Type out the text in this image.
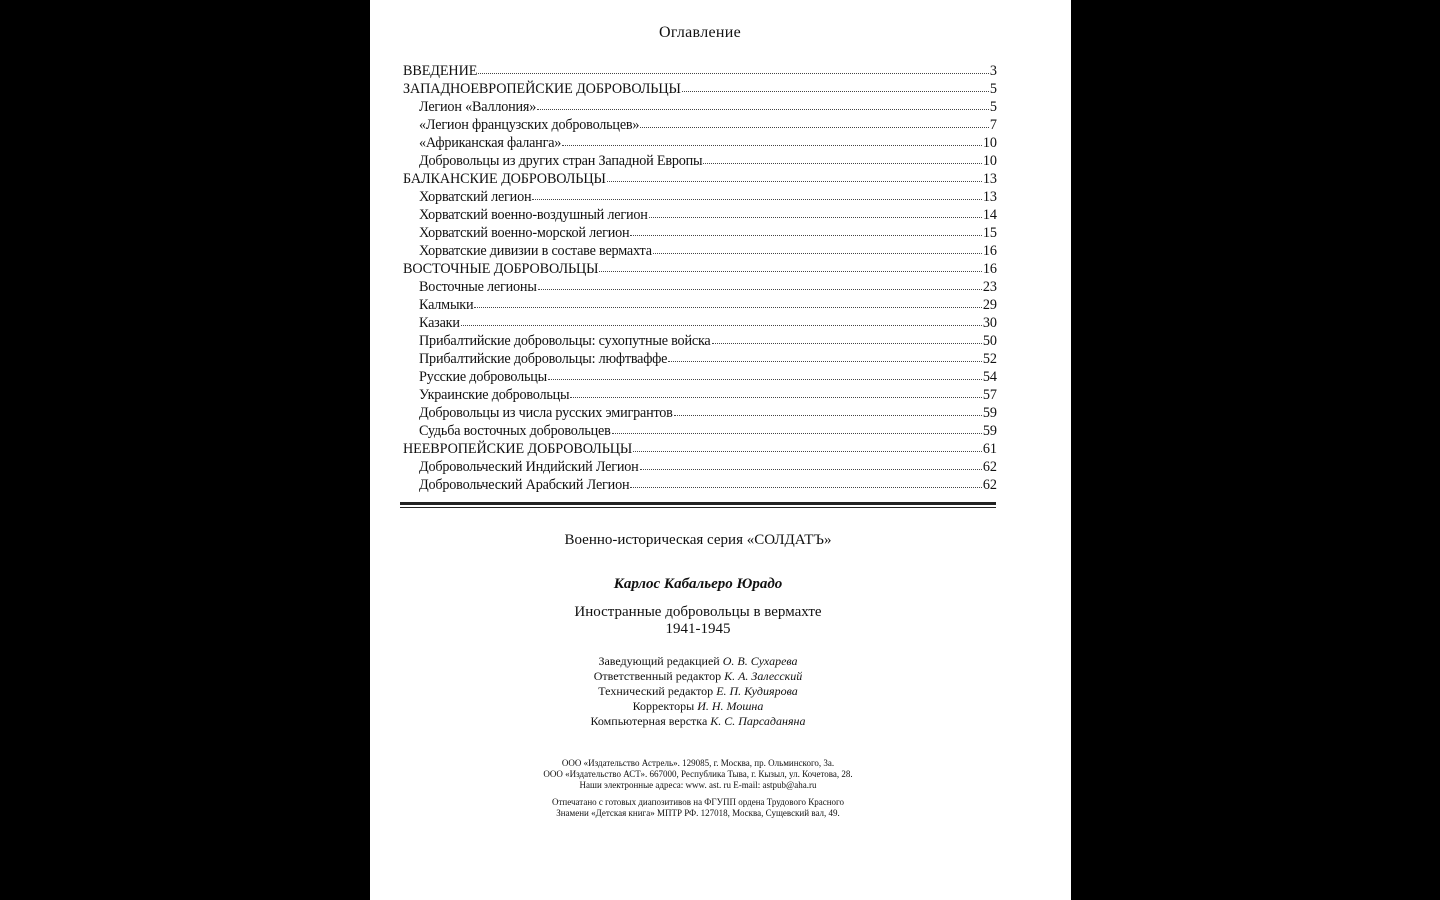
Оглавление
ВВЕДЕНИЕ	3
ЗАПАДНОЕВРОПЕЙСКИЕ ДОБРОВОЛЬЦЫ	5
Легион «Валлония»	5
«Легион французских добровольцев»	7
«Африканская фаланга»	10
Добровольцы из других стран Западной Европы	10
БАЛКАНСКИЕ ДОБРОВОЛЬЦЫ	13
Хорватский легион	13
Хорватский военно-воздушный легион	14
Хорватский военно-морской легион	15
Хорватские дивизии в составе вермахта	16
ВОСТОЧНЫЕ ДОБРОВОЛЬЦЫ	16
Восточные легионы	23
Калмыки	29
Казаки	30
Прибалтийские добровольцы: сухопутные войска	50
Прибалтийские добровольцы: люфтваффе	52
Русские добровольцы	54
Украинские добровольцы	57
Добровольцы из числа русских эмигрантов	59
Судьба восточных добровольцев	59
НЕЕВРОПЕЙСКИЕ ДОБРОВОЛЬЦЫ	61
Добровольческий Индийский Легион	62
Добровольческий Арабский Легион	62
Военно-историческая серия «СОЛДАТЪ»
Карлос Кабальеро Юрадо
Иностранные добровольцы в вермахте
1941-1945
Заведующий редакцией О. В. Сухарева
Ответственный редактор К. А. Залесский
Технический редактор Е. П. Кудиярова
Корректоры И. Н. Мошна
Компьютерная верстка К. С. Парсаданяна
ООО «Издательство Астрель». 129085, г. Москва, пр. Ольминского, 3а.
ООО «Издательство АСТ». 667000, Республика Тыва, г. Кызыл, ул. Кочетова, 28.
Наши электронные адреса: www. ast. ru E-mail: astpub@aha.ru
Отпечатано с готовых диапозитивов на ФГУПП ордена Трудового Красного
Знамени «Детская книга» МПТР РФ. 127018, Москва, Сущевский вал, 49.
